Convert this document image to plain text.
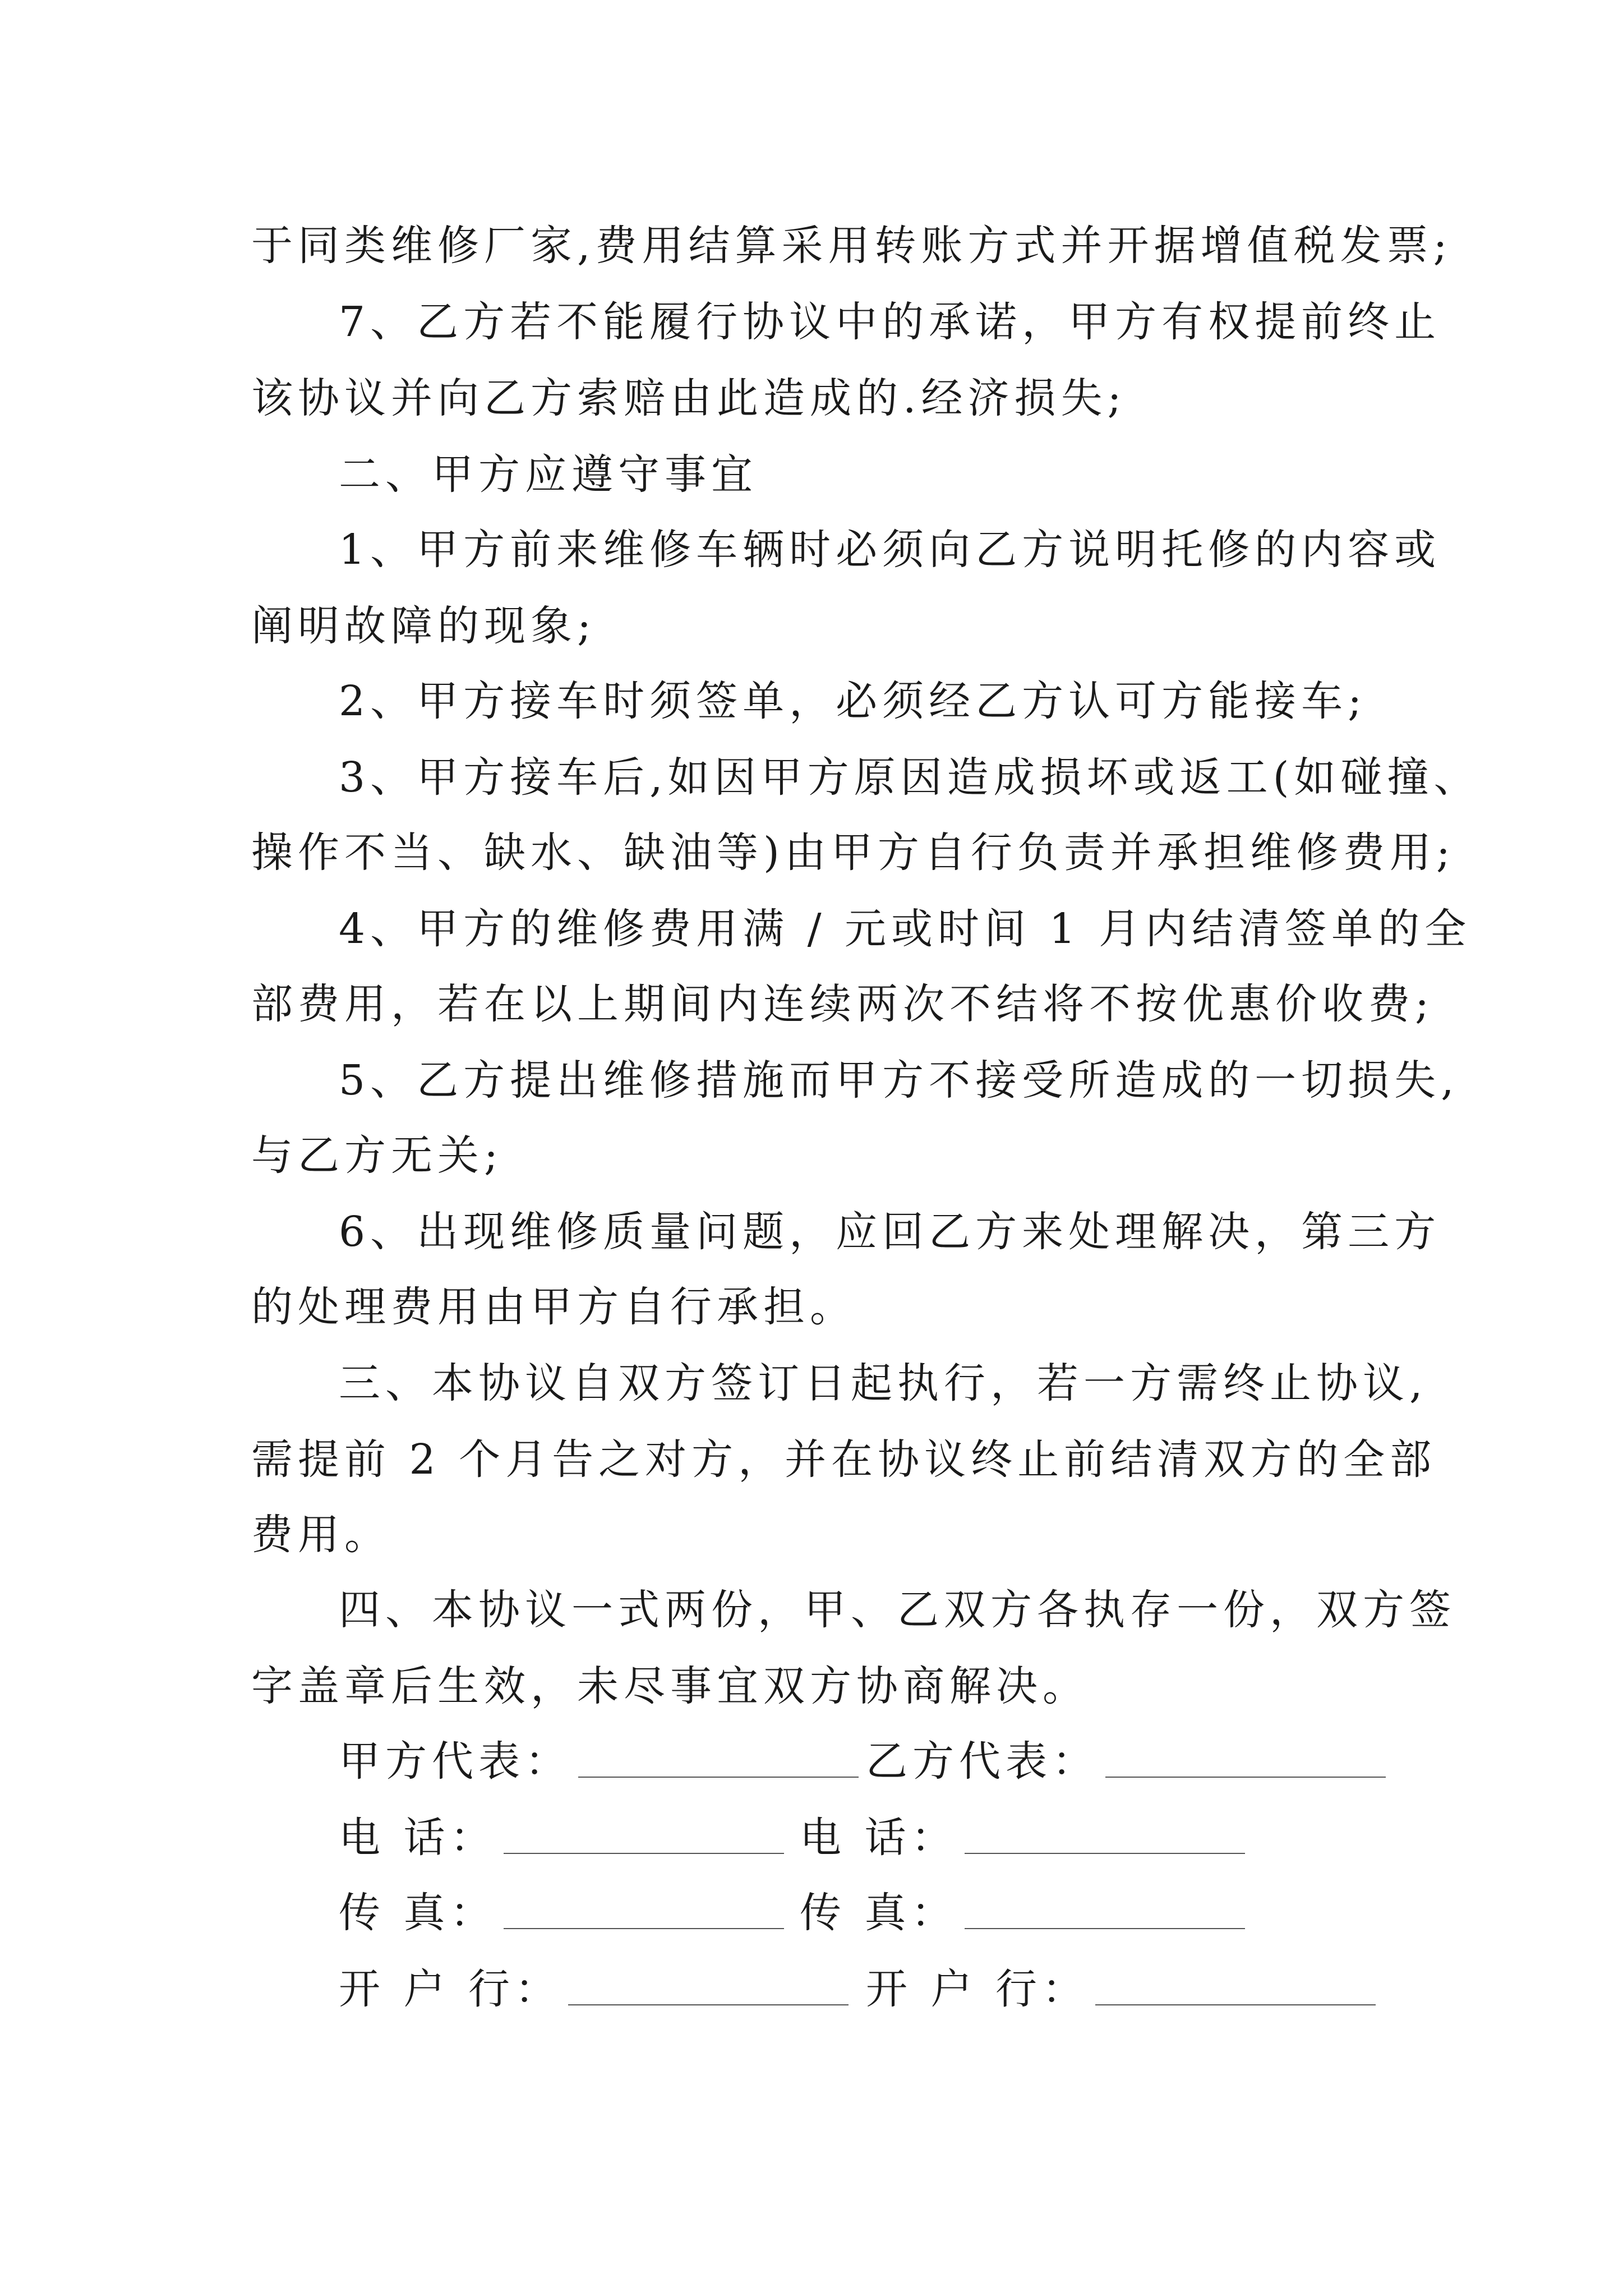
于同类维修厂家,费用结算采用转账方式并开据增值税发票;
7、乙方若不能履行协议中的承诺，甲方有权提前终止
该协议并向乙方索赔由此造成的.经济损失;
二、甲方应遵守事宜
1、甲方前来维修车辆时必须向乙方说明托修的内容或
阐明故障的现象;
2、甲方接车时须签单，必须经乙方认可方能接车;
3、甲方接车后,如因甲方原因造成损坏或返工(如碰撞、
操作不当、缺水、缺油等)由甲方自行负责并承担维修费用;
4、甲方的维修费用满 / 元或时间 1 月内结清签单的全
部费用，若在以上期间内连续两次不结将不按优惠价收费;
5、乙方提出维修措施而甲方不接受所造成的一切损失,
与乙方无关;
6、出现维修质量问题，应回乙方来处理解决，第三方
的处理费用由甲方自行承担。
三、本协议自双方签订日起执行，若一方需终止协议,
需提前 2 个月告之对方，并在协议终止前结清双方的全部
费用。
四、本协议一式两份，甲、乙双方各执存一份，双方签
字盖章后生效，未尽事宜双方协商解决。
甲方代表：	乙方代表：
电 话：	电 话：
传 真：	传 真：
开 户 行：	开 户 行：
